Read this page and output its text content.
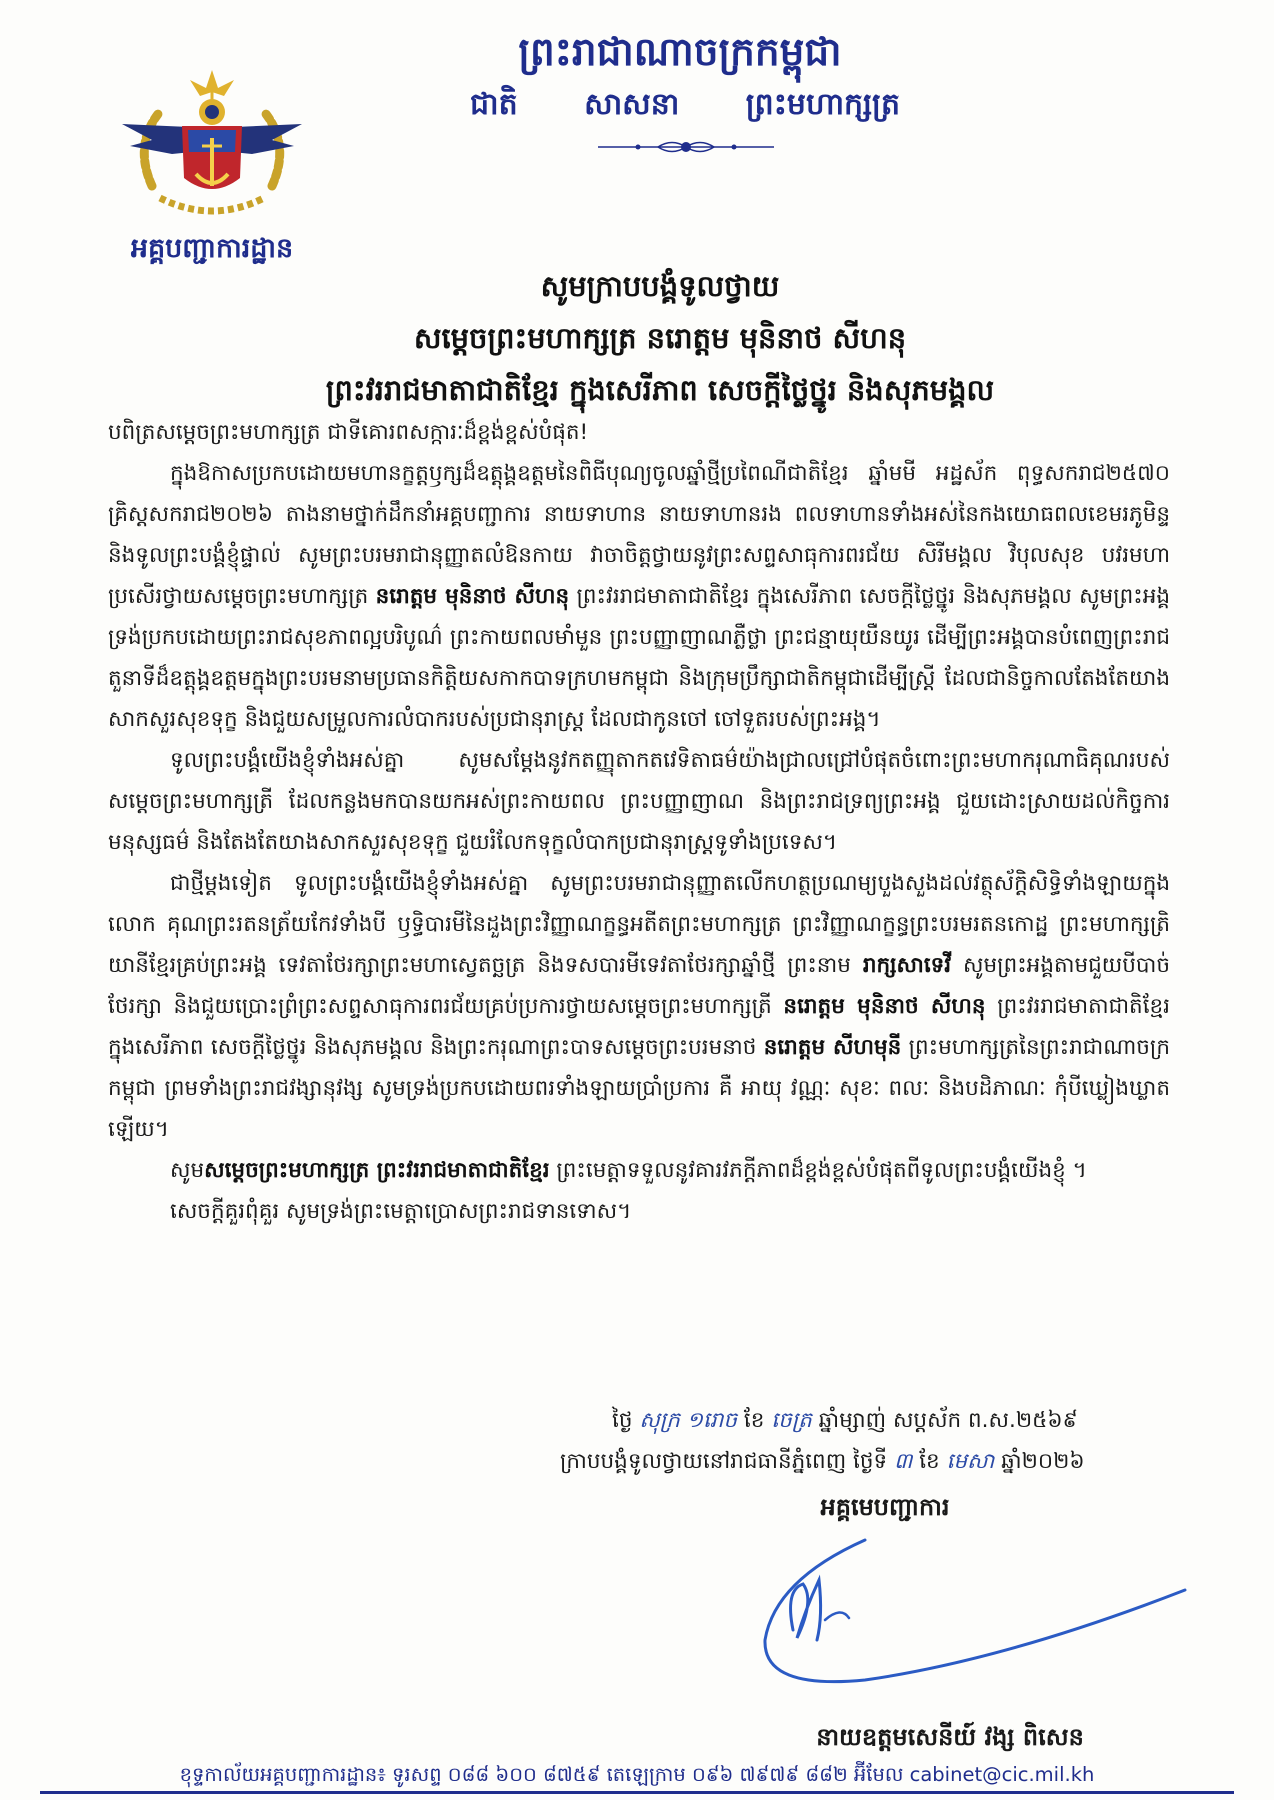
អគ្គបញ្ជាការដ្ឋាន
ព្រះរាជាណាចក្រកម្ពុជា
ជាតិ សាសនា ព្រះមហាក្សត្រ
សូមក្រាបបង្គំទូលថ្វាយ
សម្ដេចព្រះមហាក្សត្រ នរោត្តម មុនិនាថ សីហនុ
ព្រះវររាជមាតាជាតិខ្មែរ ក្នុងសេរីភាព សេចក្ដីថ្លៃថ្នូរ និងសុភមង្គល

បពិត្រសម្ដេចព្រះមហាក្សត្រ ជាទីគោរពសក្ការៈដ៏ខ្ពង់ខ្ពស់បំផុត!

ក្នុងឱកាសប្រកបដោយមហានក្ខត្តឫក្សដ៏ឧត្តុង្គឧត្តមនៃពិធីបុណ្យចូលឆ្នាំថ្មីប្រពៃណីជាតិខ្មែរ ឆ្នាំមមី អដ្ឋស័ក ពុទ្ធសករាជ២៥៧០ គ្រិស្តសករាជ២០២៦ តាងនាមថ្នាក់ដឹកនាំអគ្គបញ្ជាការ នាយទាហាន នាយទាហានរង ពលទាហានទាំងអស់នៃកងយោធពលខេមរភូមិន្ទ និងទូលព្រះបង្គំខ្ញុំផ្ទាល់ សូមព្រះបរមរាជានុញ្ញាតលំឱនកាយ វាចាចិត្តថ្វាយនូវព្រះសព្ទសាធុការពរជ័យ សិរីមង្គល វិបុលសុខ បវរមហាប្រសើរថ្វាយសម្ដេចព្រះមហាក្សត្រ នរោត្តម មុនិនាថ សីហនុ ព្រះវររាជមាតាជាតិខ្មែរ ក្នុងសេរីភាព សេចក្ដីថ្លៃថ្នូរ និងសុភមង្គល សូមព្រះអង្គទ្រង់ប្រកបដោយព្រះរាជសុខភាពល្អបរិបូណ៌ ព្រះកាយពលមាំមួន ព្រះបញ្ញាញាណភ្លឺថ្លា ព្រះជន្មាយុយឺនយូរ ដើម្បីព្រះអង្គបានបំពេញព្រះរាជតួនាទីដ៏ឧត្តុង្គឧត្តមក្នុងព្រះបរមនាមប្រធានកិត្តិយសកាកបាទក្រហមកម្ពុជា និងក្រុមប្រឹក្សាជាតិកម្ពុជាដើម្បីស្ត្រី ដែលជានិច្ចកាលតែងតែយាងសាកសួរសុខទុក្ខ និងជួយសម្រួលការលំបាករបស់ប្រជានុរាស្ត្រ ដែលជាកូនចៅ ចៅទួតរបស់ព្រះអង្គ។

ទូលព្រះបង្គំយើងខ្ញុំទាំងអស់គ្នា សូមសម្ដែងនូវកតញ្ញុតាកតវេទិតាធម៌យ៉ាងជ្រាលជ្រៅបំផុតចំពោះព្រះមហាករុណាធិគុណរបស់សម្ដេចព្រះមហាក្សត្រី ដែលកន្លងមកបានយកអស់ព្រះកាយពល ព្រះបញ្ញាញាណ និងព្រះរាជទ្រព្យព្រះអង្គ ជួយដោះស្រាយដល់កិច្ចការមនុស្សធម៌ និងតែងតែយាងសាកសួរសុខទុក្ខ ជួយរំលែកទុក្ខលំបាកប្រជានុរាស្ត្រទូទាំងប្រទេស។

ជាថ្មីម្ដងទៀត ទូលព្រះបង្គំយើងខ្ញុំទាំងអស់គ្នា សូមព្រះបរមរាជានុញ្ញាតលើកហត្ថប្រណម្យបួងសួងដល់វត្ថុស័ក្តិសិទ្ធិទាំងឡាយក្នុងលោក គុណព្រះរតនត្រ័យកែវទាំងបី ឫទ្ធិបារមីនៃដួងព្រះវិញ្ញាណក្ខន្ធអតីតព្រះមហាក្សត្រ ព្រះវិញ្ញាណក្ខន្ធព្រះបរមរតនកោដ្ឋ ព្រះមហាក្សត្រិយានីខ្មែរគ្រប់ព្រះអង្គ ទេវតាថែរក្សាព្រះមហាស្វេតច្ឆត្រ និងទសបារមីទេវតាថែរក្សាឆ្នាំថ្មី ព្រះនាម រាក្សសាទេវី សូមព្រះអង្គតាមជួយបីបាច់ថែរក្សា និងជួយប្រោះព្រំព្រះសព្ទសាធុការពរជ័យគ្រប់ប្រការថ្វាយសម្ដេចព្រះមហាក្សត្រី នរោត្តម មុនិនាថ សីហនុ ព្រះវររាជមាតាជាតិខ្មែរ ក្នុងសេរីភាព សេចក្ដីថ្លៃថ្នូរ និងសុភមង្គល និងព្រះករុណាព្រះបាទសម្ដេចព្រះបរមនាថ នរោត្តម សីហមុនី ព្រះមហាក្សត្រនៃព្រះរាជាណាចក្រកម្ពុជា ព្រមទាំងព្រះរាជវង្សានុវង្ស សូមទ្រង់ប្រកបដោយពរទាំងឡាយប្រាំប្រការ គឺ អាយុ វណ្ណៈ សុខៈ ពលៈ និងបដិភាណៈ កុំបីឃ្លៀងឃ្លាតឡើយ។

សូមសម្ដេចព្រះមហាក្សត្រ ព្រះវររាជមាតាជាតិខ្មែរ ព្រះមេត្តាទទួលនូវគារវភក្តីភាពដ៏ខ្ពង់ខ្ពស់បំផុតពីទូលព្រះបង្គំយើងខ្ញុំ ។

សេចក្ដីគួរពុំគួរ សូមទ្រង់ព្រះមេត្តាប្រោសព្រះរាជទានទោស។

ថ្ងៃ សុក្រ ១រោច ខែ ចេត្រ ឆ្នាំម្សាញ់ សប្តស័ក ព.ស.២៥៦៩
ក្រាបបង្គំទូលថ្វាយនៅរាជធានីភ្នំពេញ ថ្ងៃទី ៣ ខែ មេសា ឆ្នាំ២០២៦
អគ្គមេបញ្ជាការ
នាយឧត្តមសេនីយ៍ វង្ស ពិសេន
ខុទ្ទកាល័យអគ្គបញ្ជាការដ្ឋាន៖ ទូរសព្ទ ០៨៨ ៦០០ ៨៧៥៩ តេឡេក្រាម ០៩៦ ៧៩៧៩ ៨៨២ អ៊ីមែល cabinet@cic.mil.kh
